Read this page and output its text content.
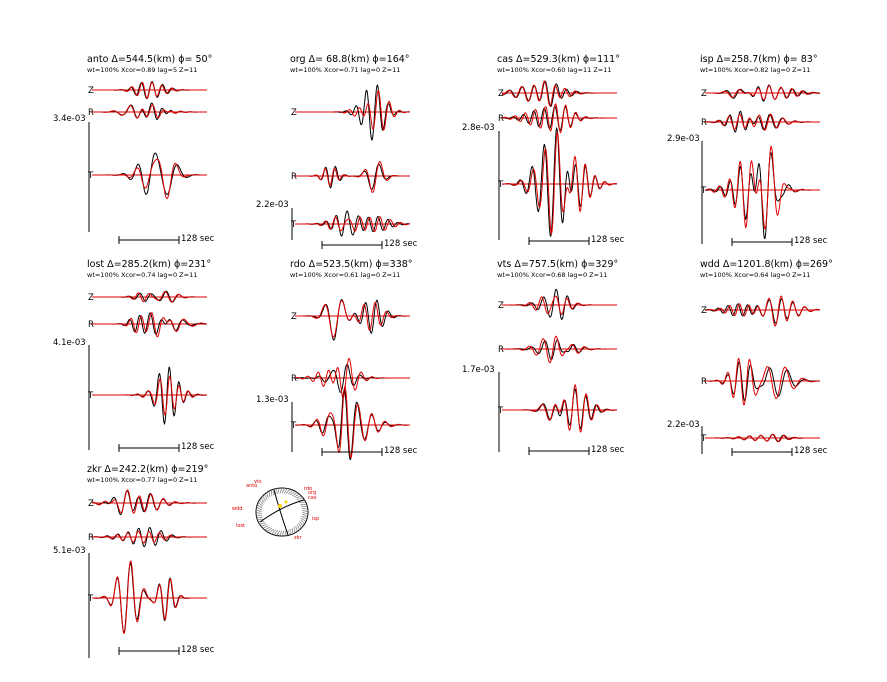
anto Δ=544.5(km) ϕ= 50°
wt=100% Xcor=0.89 lag=5 Z=11
3.4e-03
Z
R
T
128 sec
org Δ= 68.8(km) ϕ=164°
wt=100% Xcor=0.71 lag=0 Z=11
2.2e-03
Z
R
T
128 sec
cas Δ=529.3(km) ϕ=111°
wt=100% Xcor=0.60 lag=11 Z=11
2.8e-03
Z
R
T
128 sec
isp Δ=258.7(km) ϕ= 83°
wt=100% Xcor=0.82 lag=0 Z=11
2.9e-03
Z
R
T
128 sec
lost Δ=285.2(km) ϕ=231°
wt=100% Xcor=0.74 lag=0 Z=11
4.1e-03
Z
R
T
128 sec
rdo Δ=523.5(km) ϕ=338°
wt=100% Xcor=0.61 lag=0 Z=11
1.3e-03
Z
R
T
128 sec
vts Δ=757.5(km) ϕ=329°
wt=100% Xcor=0.68 lag=0 Z=11
1.7e-03
Z
R
T
128 sec
wdd Δ=1201.8(km) ϕ=269°
wt=100% Xcor=0.64 lag=0 Z=11
2.2e-03
Z
R
T
128 sec
zkr Δ=242.2(km) ϕ=219°
wt=100% Xcor=0.77 lag=0 Z=11
5.1e-03
Z
R
T
128 sec
anto
org
cas
isp
lost
rdo
vts
wdd
zkr
